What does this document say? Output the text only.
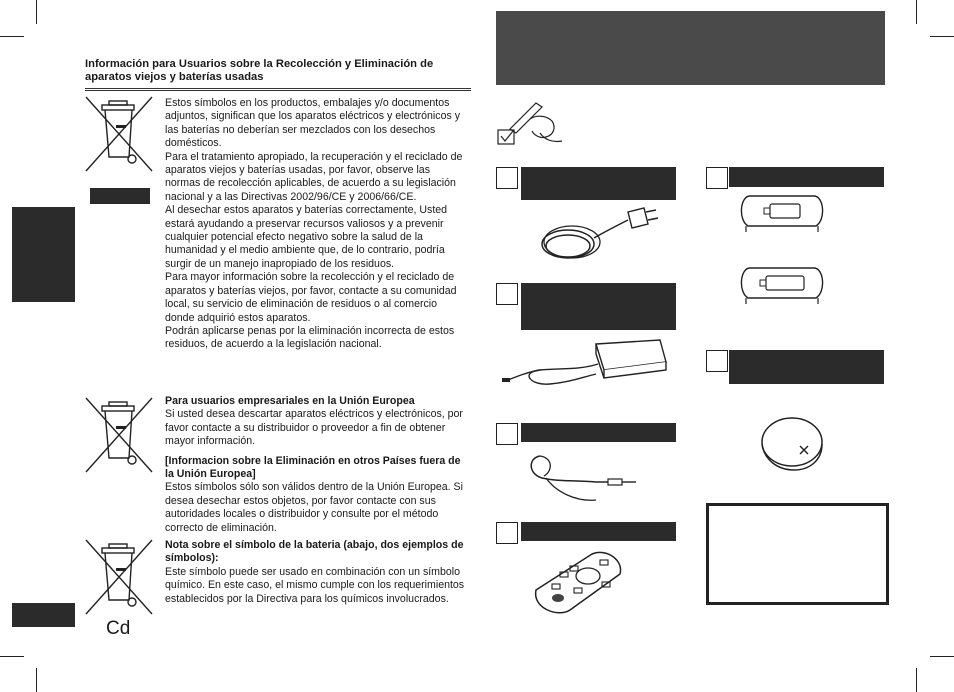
Información para Usuarios sobre la Recolección y Eliminación de aparatos viejos y baterías usadas

Estos símbolos en los productos, embalajes y/o documentos adjuntos, significan que los aparatos eléctricos y electrónicos y las baterías no deberían ser mezclados con los desechos domésticos.

Para el tratamiento apropiado, la recuperación y el reciclado de aparatos viejos y baterías usadas, por favor, observe las normas de recolección aplicables, de acuerdo a su legislación nacional y a las Directivas 2002/96/CE y 2006/66/CE.

Al desechar estos aparatos y baterías correctamente, Usted estará ayudando a preservar recursos valiosos y a prevenir cualquier potencial efecto negativo sobre la salud de la humanidad y el medio ambiente que, de lo contrario, podría surgir de un manejo inapropiado de los residuos.

Para mayor información sobre la recolección y el reciclado de aparatos y baterías viejos, por favor, contacte a su comunidad local, su servicio de eliminación de residuos o al comercio donde adquirió estos aparatos.

Podrán aplicarse penas por la eliminación incorrecta de estos residuos, de acuerdo a la legislación nacional.

Para usuarios empresariales en la Unión Europea

Si usted desea descartar aparatos eléctricos y electrónicos, por favor contacte a su distribuidor o proveedor a fin de obtener mayor información.

[Informacion sobre la Eliminación en otros Países fuera de la Unión Europea]

Estos símbolos sólo son válidos dentro de la Unión Europea. Si desea desechar estos objetos, por favor contacte con sus autoridades locales o distribuidor y consulte por el método correcto de eliminación.

Cd

Nota sobre el símbolo de la bateria (abajo, dos ejemplos de símbolos):

Este símbolo puede ser usado en combinación con un símbolo químico. En este caso, el mismo cumple con los requerimientos establecidos por la Directiva para los químicos involucrados.
